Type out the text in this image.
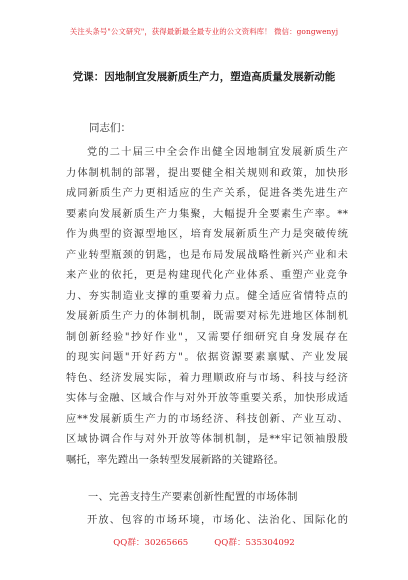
关注头条号"公文研究"，获得最新最全最专业的公文资料库！ 微信：gongwenyj
党课：因地制宜发展新质生产力，塑造高质量发展新动能
同志们：
党的二十届三中全会作出健全因地制宜发展新质生产
力体制机制的部署，提出要健全相关规则和政策，加快形
成同新质生产力更相适应的生产关系，促进各类先进生产
要素向发展新质生产力集聚，大幅提升全要素生产率。**
作为典型的资源型地区，培育发展新质生产力是突破传统
产业转型瓶颈的钥匙，也是布局发展战略性新兴产业和未
来产业的依托，更是构建现代化产业体系、重塑产业竞争
力、夯实制造业支撑的重要着力点。健全适应省情特点的
发展新质生产力的体制机制，既需要对标先进地区体制机
制创新经验"抄好作业"，又需要仔细研究自身发展存在
的现实问题"开好药方"。依据资源要素禀赋、产业发展
特色、经济发展实际，着力理顺政府与市场、科技与经济
实体与金融、区域合作与对外开放等重要关系，加快形成适
应**发展新质生产力的市场经济、科技创新、产业互动、
区域协调合作与对外开放等体制机制，是**牢记领袖殷殷
嘱托，率先蹚出一条转型发展新路的关键路径。
一、完善支持生产要素创新性配置的市场体制
开放、包容的市场环境，市场化、法治化、国际化的
QQ群：30265665	QQ群：535304092
